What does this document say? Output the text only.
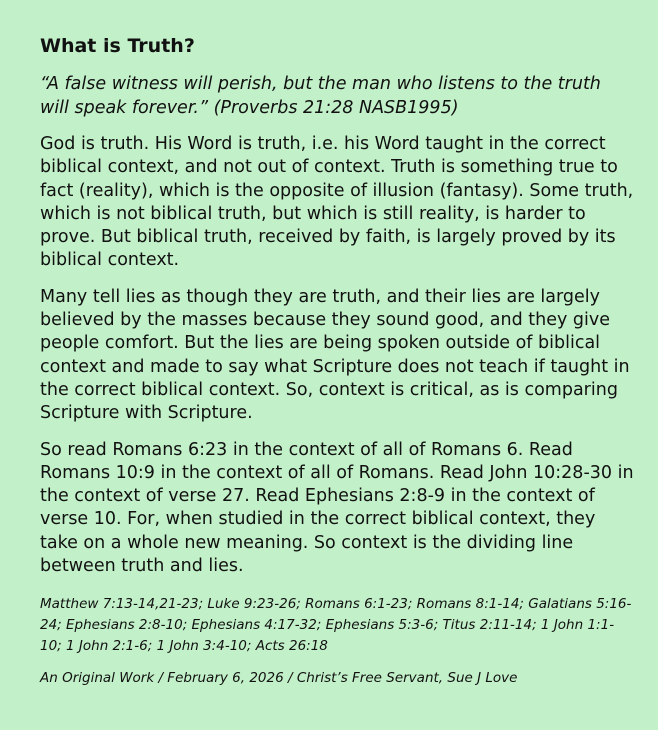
What is Truth?
“A false witness will perish, but the man who listens to the truth will speak forever.” (Proverbs 21:28 NASB1995)
God is truth. His Word is truth, i.e. his Word taught in the correct biblical context, and not out of context. Truth is something true to fact (reality), which is the opposite of illusion (fantasy). Some truth, which is not biblical truth, but which is still reality, is harder to prove. But biblical truth, received by faith, is largely proved by its biblical context.
Many tell lies as though they are truth, and their lies are largely believed by the masses because they sound good, and they give people comfort. But the lies are being spoken outside of biblical context and made to say what Scripture does not teach if taught in the correct biblical context. So, context is critical, as is comparing Scripture with Scripture.
So read Romans 6:23 in the context of all of Romans 6. Read Romans 10:9 in the context of all of Romans. Read John 10:28-30 in the context of verse 27. Read Ephesians 2:8-9 in the context of verse 10. For, when studied in the correct biblical context, they take on a whole new meaning. So context is the dividing line between truth and lies.
Matthew 7:13-14,21-23; Luke 9:23-26; Romans 6:1-23; Romans 8:1-14; Galatians 5:16-24; Ephesians 2:8-10; Ephesians 4:17-32; Ephesians 5:3-6; Titus 2:11-14; 1 John 1:1-10; 1 John 2:1-6; 1 John 3:4-10; Acts 26:18
An Original Work / February 6, 2026 / Christ’s Free Servant, Sue J Love
